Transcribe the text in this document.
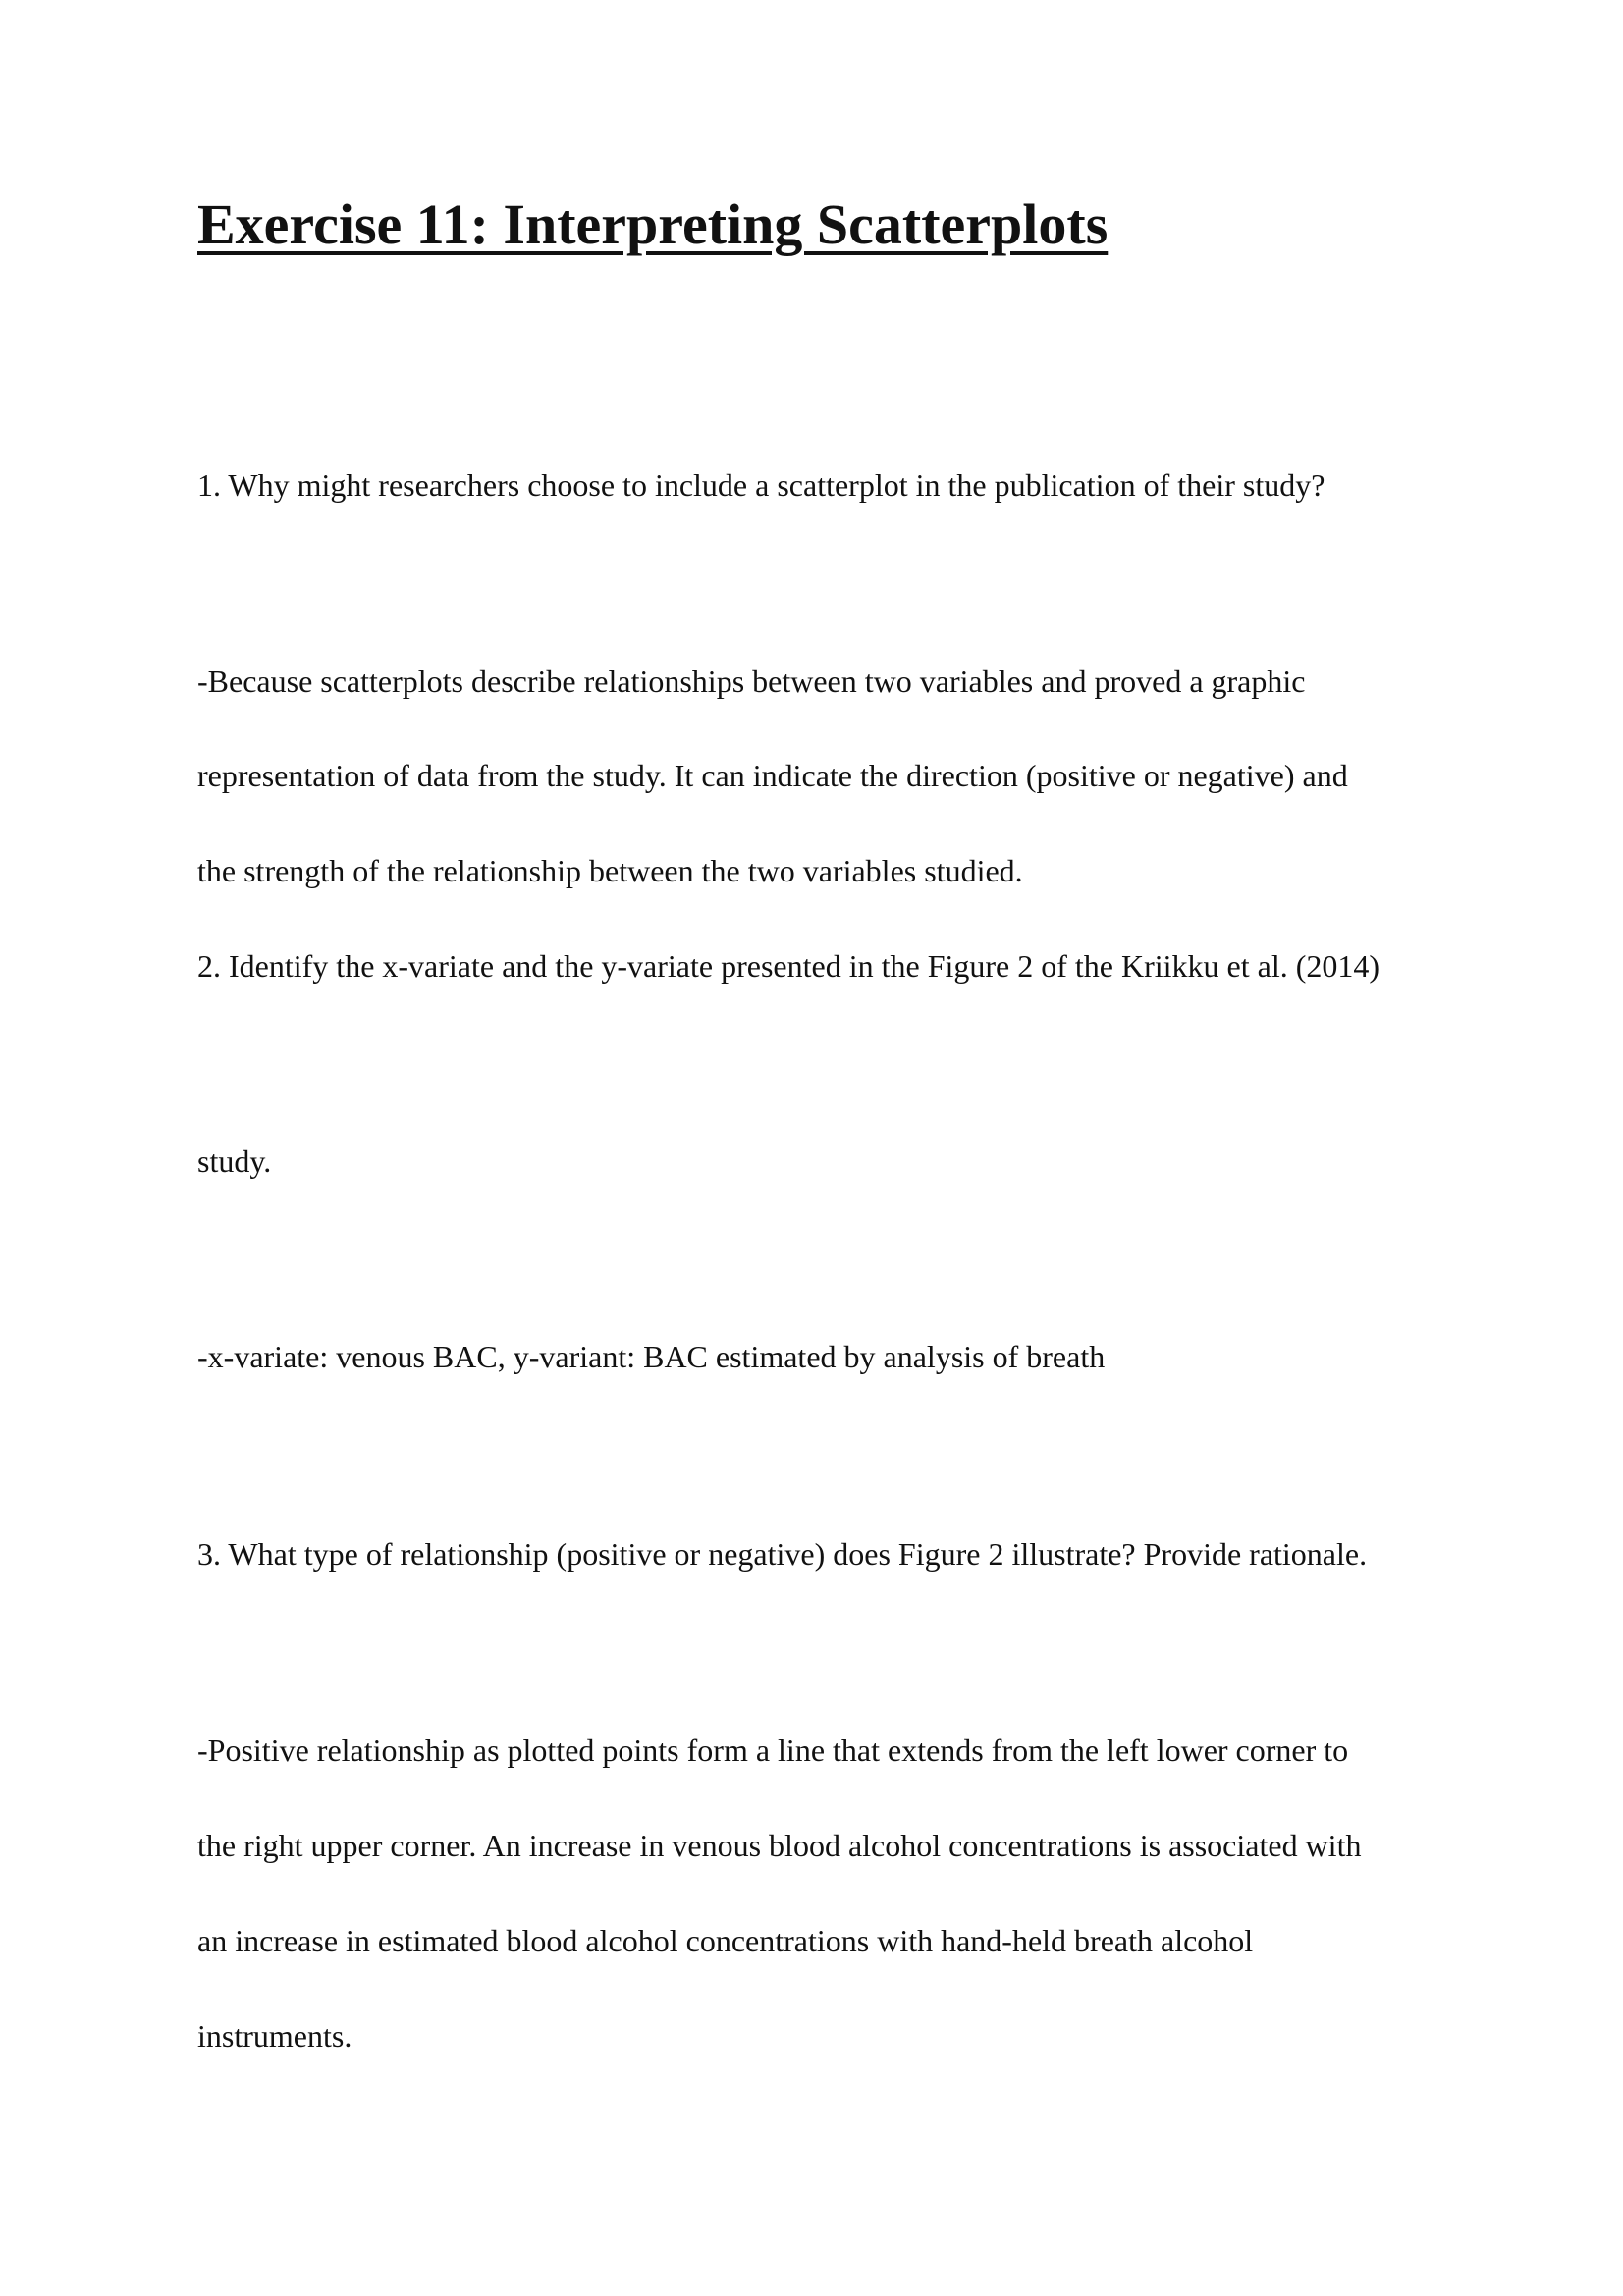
Exercise 11: Interpreting Scatterplots

1. Why might researchers choose to include a scatterplot in the publication of their study?

-Because scatterplots describe relationships between two variables and proved a graphic

representation of data from the study. It can indicate the direction (positive or negative) and

the strength of the relationship between the two variables studied.

2. Identify the x-variate and the y-variate presented in the Figure 2 of the Kriikku et al. (2014)

study.

-x-variate: venous BAC, y-variant: BAC estimated by analysis of breath

3. What type of relationship (positive or negative) does Figure 2 illustrate? Provide rationale.

-Positive relationship as plotted points form a line that extends from the left lower corner to

the right upper corner. An increase in venous blood alcohol concentrations is associated with

an increase in estimated blood alcohol concentrations with hand-held breath alcohol

instruments.
